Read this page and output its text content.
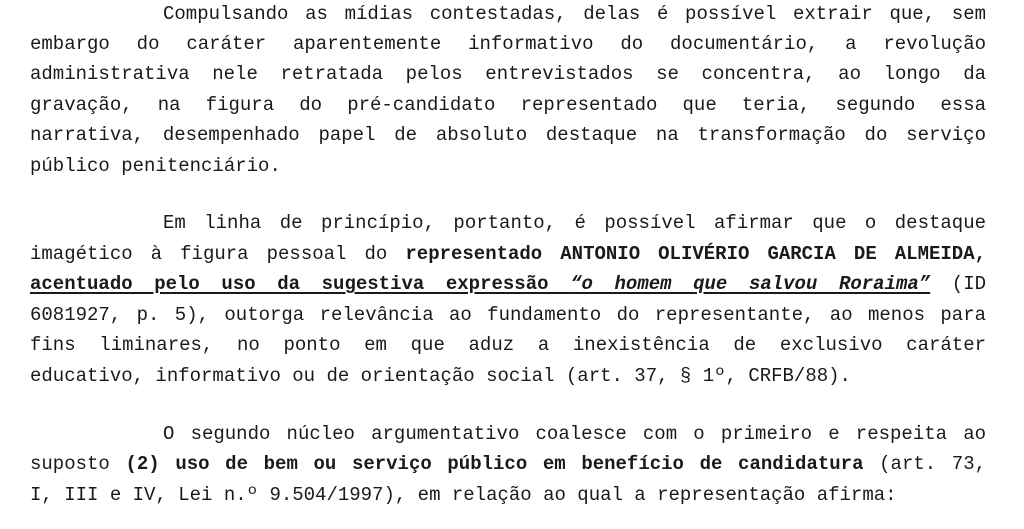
Compulsando as mídias contestadas, delas é possível extrair que, sem
embargo do caráter aparentemente informativo do documentário, a revolução
administrativa nele retratada pelos entrevistados se concentra, ao longo da
gravação, na figura do pré-candidato representado que teria, segundo essa
narrativa, desempenhado papel de absoluto destaque na transformação do serviço
público penitenciário.
Em linha de princípio, portanto, é possível afirmar que o destaque
imagético à figura pessoal do representado ANTONIO OLIVÉRIO GARCIA DE ALMEIDA,
acentuado pelo uso da sugestiva expressão “o homem que salvou Roraima” (ID
6081927, p. 5), outorga relevância ao fundamento do representante, ao menos para
fins liminares, no ponto em que aduz a inexistência de exclusivo caráter
educativo, informativo ou de orientação social (art. 37, § 1º, CRFB/88).
O segundo núcleo argumentativo coalesce com o primeiro e respeita ao
suposto (2) uso de bem ou serviço público em benefício de candidatura (art. 73,
I, III e IV, Lei n.º 9.504/1997), em relação ao qual a representação afirma:
